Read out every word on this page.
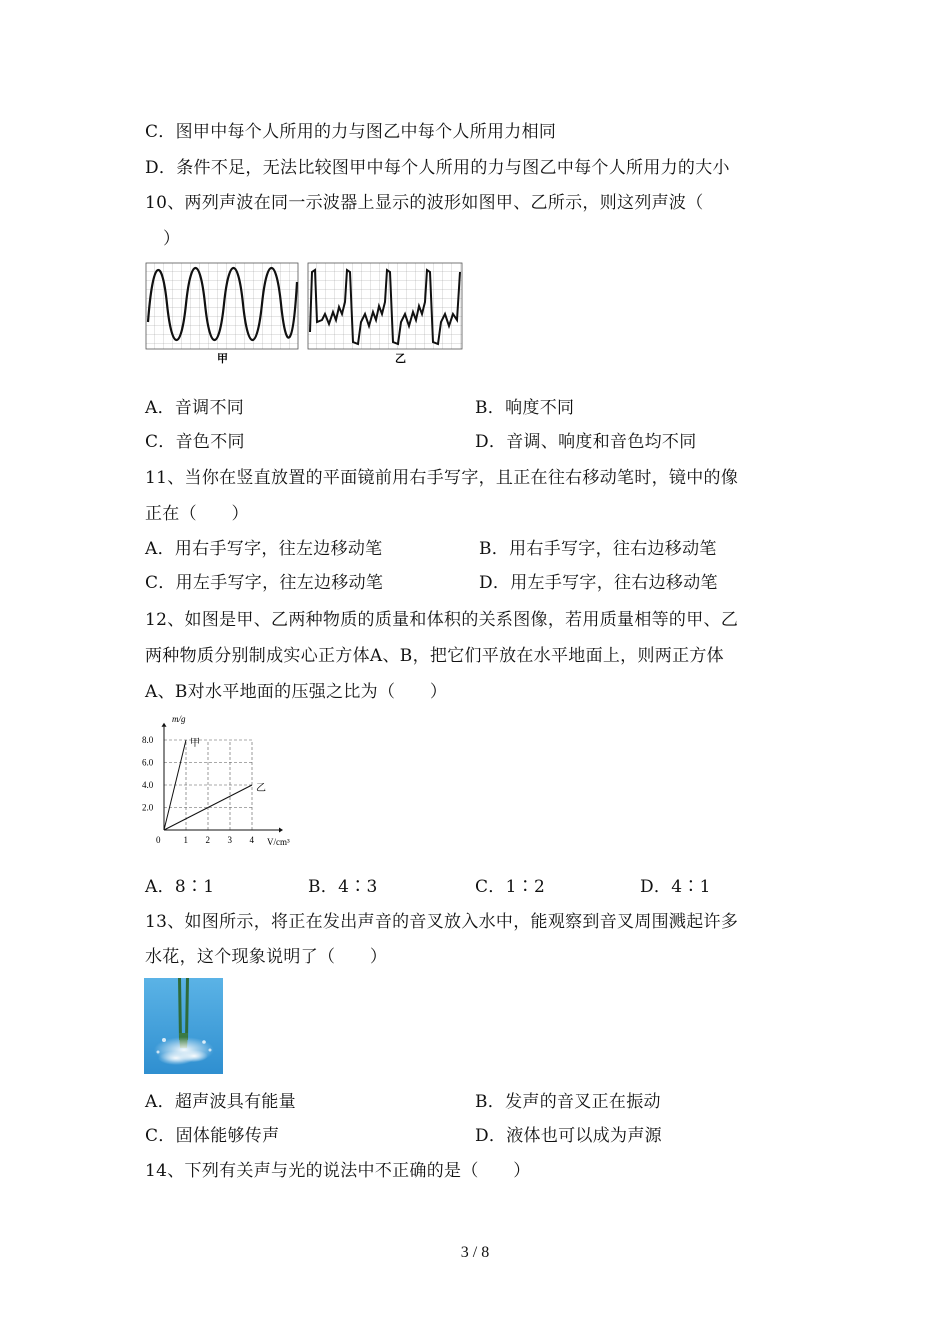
C．图甲中每个人所用的力与图乙中每个人所用力相同
D．条件不足，无法比较图甲中每个人所用的力与图乙中每个人所用力的大小
10、两列声波在同一示波器上显示的波形如图甲、乙所示，则这列声波（
）
甲	乙
A．音调不同	B．响度不同
C．音色不同	D．音调、响度和音色均不同
11、当你在竖直放置的平面镜前用右手写字，且正在往右移动笔时，镜中的像
正在（　　）
A．用右手写字，往左边移动笔	B．用右手写字，往右边移动笔
C．用左手写字，往左边移动笔	D．用左手写字，往右边移动笔
12、如图是甲、乙两种物质的质量和体积的关系图像，若用质量相等的甲、乙
两种物质分别制成实心正方体A、B，把它们平放在水平地面上，则两正方体
A、B对水平地面的压强之比为（　　）
2.0
4.0
6.0
8.0
1 2 3 4
甲
乙
0
m/g
V/cm³
A．8∶1	B．4∶3	C．1∶2	D．4∶1
13、如图所示，将正在发出声音的音叉放入水中，能观察到音叉周围溅起许多
水花，这个现象说明了（　　）
A．超声波具有能量	B．发声的音叉正在振动
C．固体能够传声	D．液体也可以成为声源
14、下列有关声与光的说法中不正确的是（　　）
3 / 8
